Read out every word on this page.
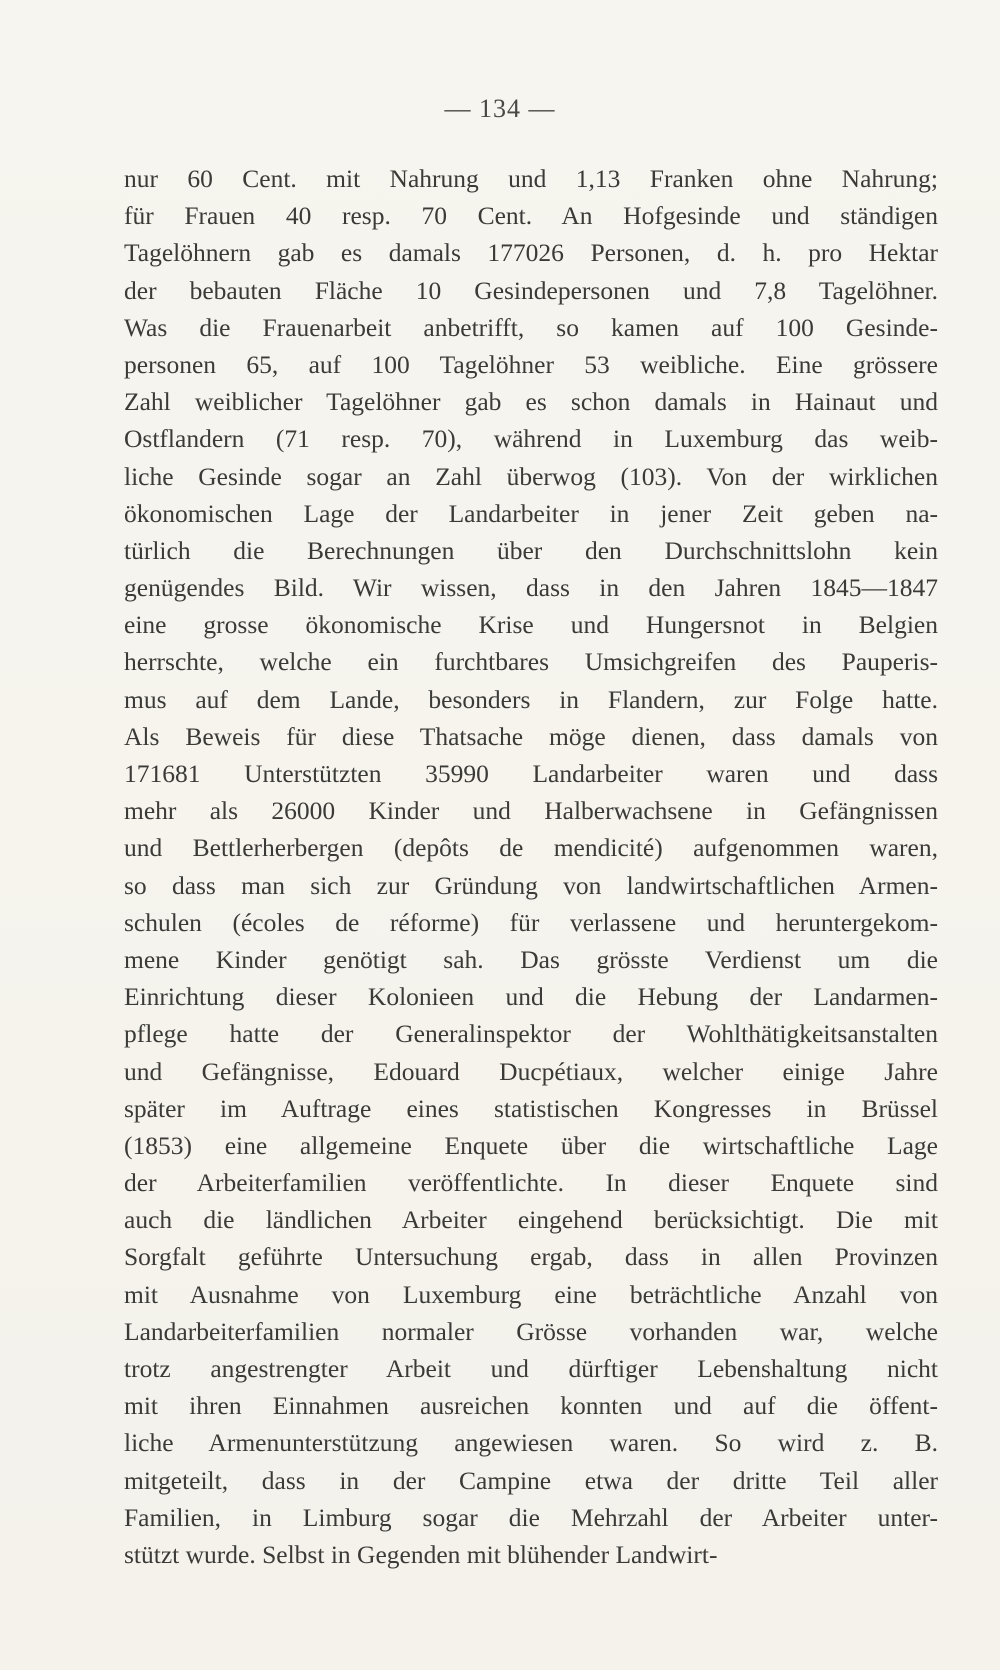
— 134 —
nur 60 Cent. mit Nahrung und 1,13 Franken ohne Nahrung;
für Frauen 40 resp. 70 Cent. An Hofgesinde und ständigen
Tagelöhnern gab es damals 177026 Personen, d. h. pro Hektar
der bebauten Fläche 10 Gesindepersonen und 7,8 Tagelöhner.
Was die Frauenarbeit anbetrifft, so kamen auf 100 Gesinde-
personen 65, auf 100 Tagelöhner 53 weibliche. Eine grössere
Zahl weiblicher Tagelöhner gab es schon damals in Hainaut und
Ostflandern (71 resp. 70), während in Luxemburg das weib-
liche Gesinde sogar an Zahl überwog (103). Von der wirklichen
ökonomischen Lage der Landarbeiter in jener Zeit geben na-
türlich die Berechnungen über den Durchschnittslohn kein
genügendes Bild. Wir wissen, dass in den Jahren 1845—1847
eine grosse ökonomische Krise und Hungersnot in Belgien
herrschte, welche ein furchtbares Umsichgreifen des Pauperis-
mus auf dem Lande, besonders in Flandern, zur Folge hatte.
Als Beweis für diese Thatsache möge dienen, dass damals von
171681 Unterstützten 35990 Landarbeiter waren und dass
mehr als 26000 Kinder und Halberwachsene in Gefängnissen
und Bettlerherbergen (depôts de mendicité) aufgenommen waren,
so dass man sich zur Gründung von landwirtschaftlichen Armen-
schulen (écoles de réforme) für verlassene und heruntergekom-
mene Kinder genötigt sah. Das grösste Verdienst um die
Einrichtung dieser Kolonieen und die Hebung der Landarmen-
pflege hatte der Generalinspektor der Wohlthätigkeitsanstalten
und Gefängnisse, Edouard Ducpétiaux, welcher einige Jahre
später im Auftrage eines statistischen Kongresses in Brüssel
(1853) eine allgemeine Enquete über die wirtschaftliche Lage
der Arbeiterfamilien veröffentlichte. In dieser Enquete sind
auch die ländlichen Arbeiter eingehend berücksichtigt. Die mit
Sorgfalt geführte Untersuchung ergab, dass in allen Provinzen
mit Ausnahme von Luxemburg eine beträchtliche Anzahl von
Landarbeiterfamilien normaler Grösse vorhanden war, welche
trotz angestrengter Arbeit und dürftiger Lebenshaltung nicht
mit ihren Einnahmen ausreichen konnten und auf die öffent-
liche Armenunterstützung angewiesen waren. So wird z. B.
mitgeteilt, dass in der Campine etwa der dritte Teil aller
Familien, in Limburg sogar die Mehrzahl der Arbeiter unter-
stützt wurde. Selbst in Gegenden mit blühender Landwirt-
